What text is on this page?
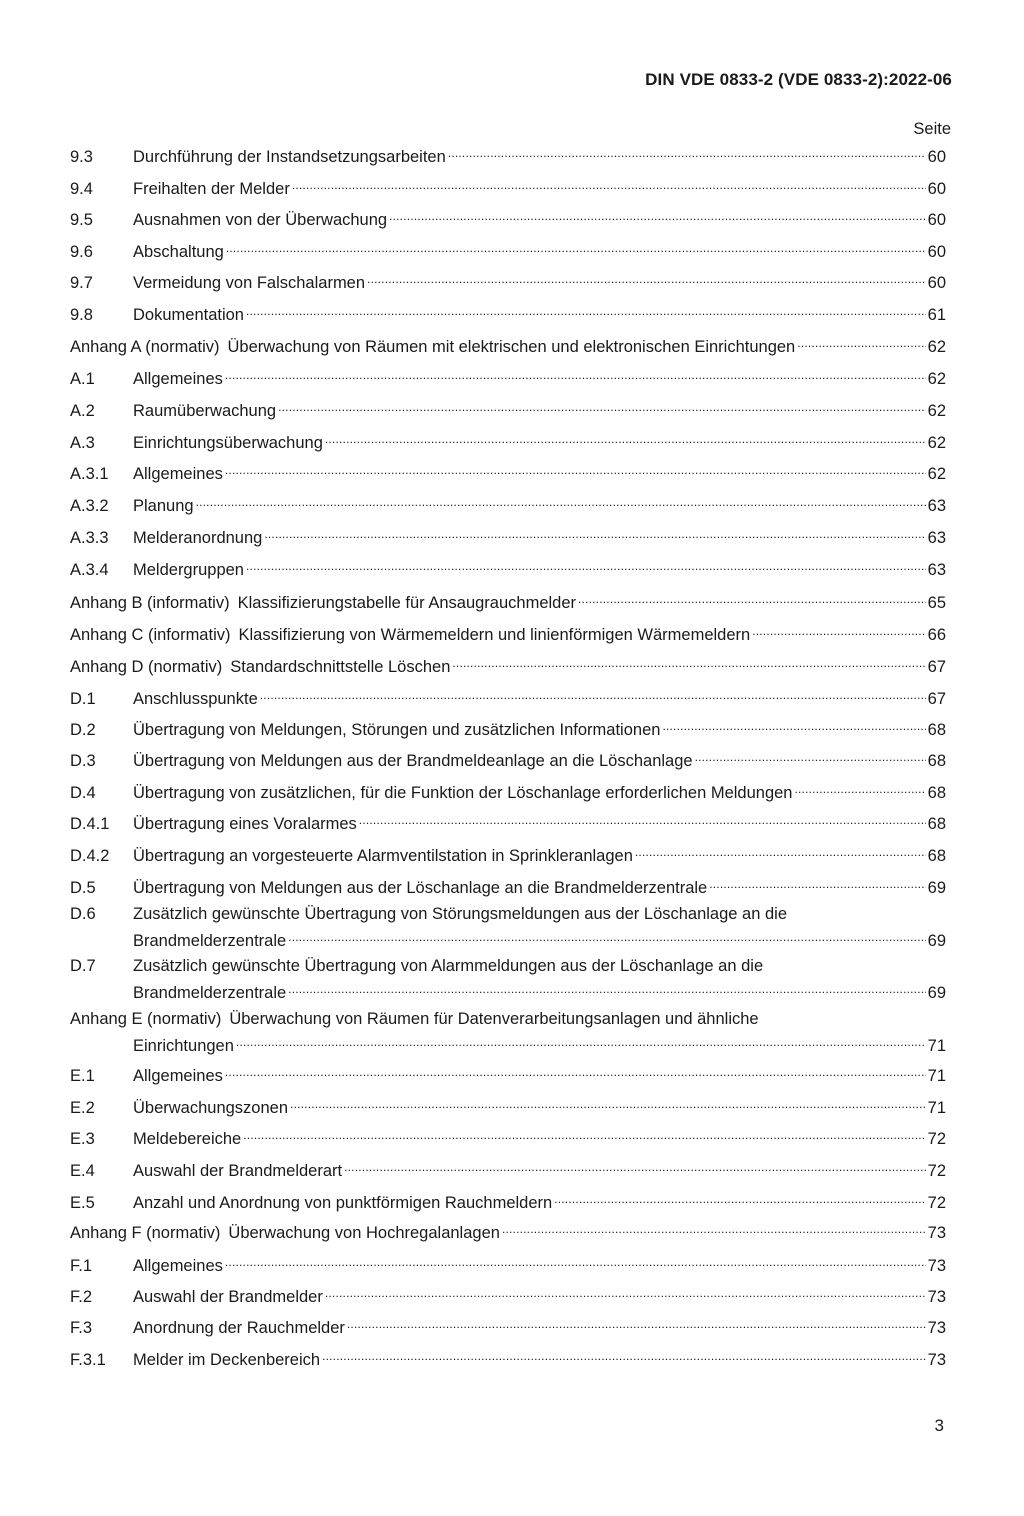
DIN VDE 0833-2 (VDE 0833-2):2022-06
Seite
9.3	Durchführung der Instandsetzungsarbeiten .....	60
9.4	Freihalten der Melder .....	60
9.5	Ausnahmen von der Überwachung .....	60
9.6	Abschaltung .....	60
9.7	Vermeidung von Falschalarmen .....	60
9.8	Dokumentation .....	61
Anhang A (normativ) Überwachung von Räumen mit elektrischen und elektronischen Einrichtungen .....	62
A.1	Allgemeines .....	62
A.2	Raumüberwachung .....	62
A.3	Einrichtungsüberwachung .....	62
A.3.1	Allgemeines .....	62
A.3.2	Planung .....	63
A.3.3	Melderanordnung .....	63
A.3.4	Meldergruppen .....	63
Anhang B (informativ) Klassifizierungstabelle für Ansaugrauchmelder .....	65
Anhang C (informativ) Klassifizierung von Wärmemeldern und linienförmigen Wärmemeldern .....	66
Anhang D (normativ) Standardschnittstelle Löschen .....	67
D.1	Anschlusspunkte .....	67
D.2	Übertragung von Meldungen, Störungen und zusätzlichen Informationen .....	68
D.3	Übertragung von Meldungen aus der Brandmeldeanlage an die Löschanlage .....	68
D.4	Übertragung von zusätzlichen, für die Funktion der Löschanlage erforderlichen Meldungen .....	68
D.4.1	Übertragung eines Voralarmes .....	68
D.4.2	Übertragung an vorgesteuerte Alarmventilstation in Sprinkleranlagen .....	68
D.5	Übertragung von Meldungen aus der Löschanlage an die Brandmelderzentrale .....	69
D.6 Zusätzlich gewünschte Übertragung von Störungsmeldungen aus der Löschanlage an die
Brandmelderzentrale .....	69
D.7 Zusätzlich gewünschte Übertragung von Alarmmeldungen aus der Löschanlage an die
Brandmelderzentrale .....	69
Anhang E (normativ) Überwachung von Räumen für Datenverarbeitungsanlagen und ähnliche
Einrichtungen .....	71
E.1	Allgemeines .....	71
E.2	Überwachungszonen .....	71
E.3	Meldebereiche .....	72
E.4	Auswahl der Brandmelderart .....	72
E.5	Anzahl und Anordnung von punktförmigen Rauchmeldern .....	72
Anhang F (normativ) Überwachung von Hochregalanlagen .....	73
F.1	Allgemeines .....	73
F.2	Auswahl der Brandmelder .....	73
F.3	Anordnung der Rauchmelder .....	73
F.3.1	Melder im Deckenbereich .....	73
3
